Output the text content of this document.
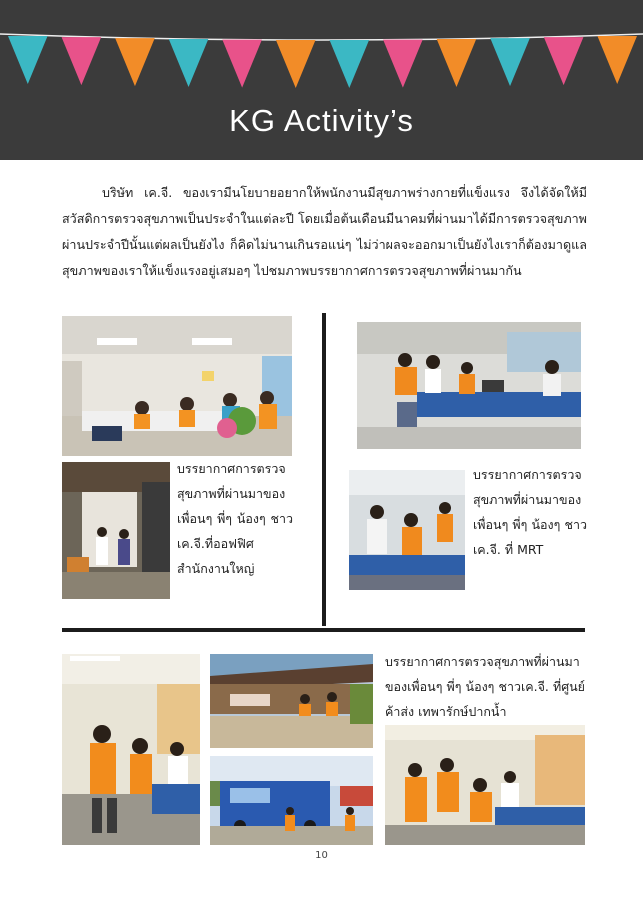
KG Activity’s
บริษัท เค.จี. ของเรามีนโยบายอยากให้พนักงานมีสุขภาพร่างกายที่แข็งแรง จึงได้จัดให้มีสวัสดิการตรวจสุขภาพเป็นประจำในแต่ละปี โดยเมื่อต้นเดือนมีนาคมที่ผ่านมาได้มีการตรวจสุขภาพผ่านประจำปีนั้นแต่ผลเป็นยังไง ก็คิดไม่นานเกินรอแน่ๆ ไม่ว่าผลจะออกมาเป็นยังไงเราก็ต้องมาดูแลสุขภาพของเราให้แข็งแรงอยู่เสมอๆ ไปชมภาพบรรยากาศการตรวจสุขภาพที่ผ่านมากัน
บรรยากาศการตรวจสุขภาพที่ผ่านมาของเพื่อนๆ พี่ๆ น้องๆ ชาว เค.จี.ที่ออฟฟิศสำนักงานใหญ่
บรรยากาศการตรวจสุขภาพที่ผ่านมาของเพื่อนๆ พี่ๆ น้องๆ ชาวเค.จี. ที่ MRT
บรรยากาศการตรวจสุขภาพที่ผ่านมาของเพื่อนๆ พี่ๆ น้องๆ ชาวเค.จี. ที่ศูนย์ค้าส่ง เทพารักษ์ปากน้ำ
10
